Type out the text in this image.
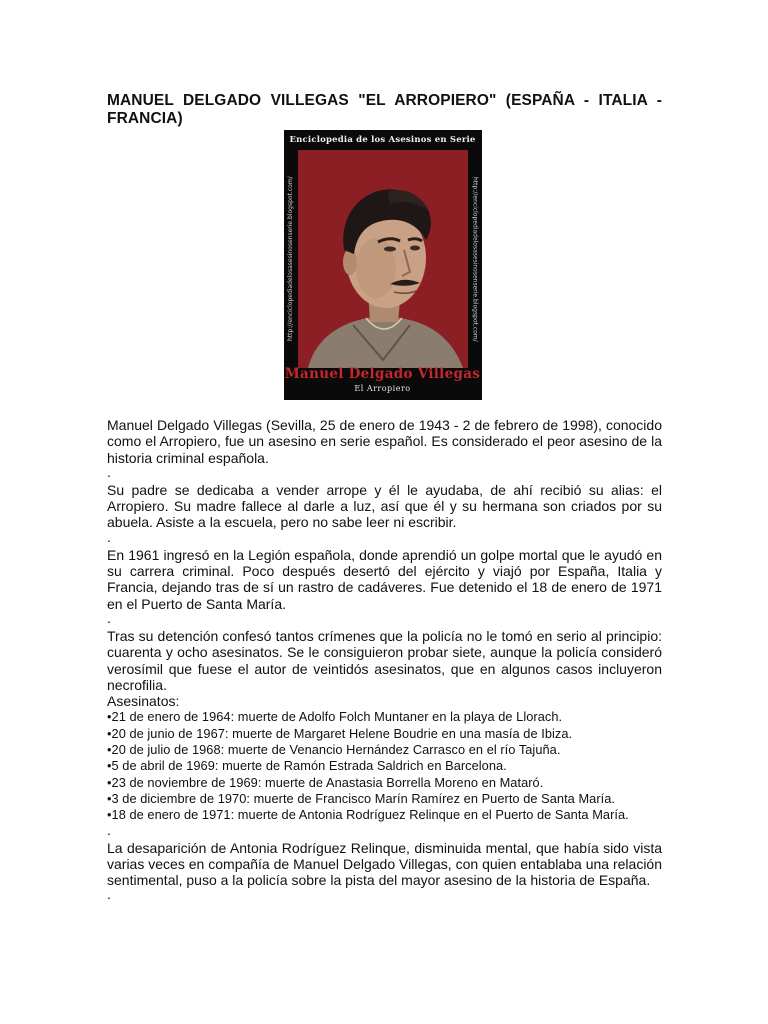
MANUEL DELGADO VILLEGAS "EL ARROPIERO" (ESPAÑA - ITALIA - FRANCIA)
Enciclopedia de los Asesinos en Serie
http://enciclopediadelosasesinosenserie.blogspot.com/	http://enciclopediadelosasesinosenserie.blogspot.com/
Manuel Delgado Villegas
El Arropiero

Manuel Delgado Villegas (Sevilla, 25 de enero de 1943 - 2 de febrero de 1998), conocido como el Arropiero, fue un asesino en serie español. Es considerado el peor asesino de la historia criminal española.

.

Su padre se dedicaba a vender arrope y él le ayudaba, de ahí recibió su alias: el Arropiero. Su madre fallece al darle a luz, así que él y su hermana son criados por su abuela. Asiste a la escuela, pero no sabe leer ni escribir.

.

En 1961 ingresó en la Legión española, donde aprendió un golpe mortal que le ayudó en su carrera criminal. Poco después desertó del ejército y viajó por España, Italia y Francia, dejando tras de sí un rastro de cadáveres. Fue detenido el 18 de enero de 1971 en el Puerto de Santa María.

.

Tras su detención confesó tantos crímenes que la policía no le tomó en serio al principio: cuarenta y ocho asesinatos. Se le consiguieron probar siete, aunque la policía consideró verosímil que fuese el autor de veintidós asesinatos, que en algunos casos incluyeron necrofilia.

Asesinatos:

•21 de enero de 1964: muerte de Adolfo Folch Muntaner en la playa de Llorach.
•20 de junio de 1967: muerte de Margaret Helene Boudrie en una masía de Ibiza.
•20 de julio de 1968: muerte de Venancio Hernández Carrasco en el río Tajuña.
•5 de abril de 1969: muerte de Ramón Estrada Saldrich en Barcelona.
•23 de noviembre de 1969: muerte de Anastasia Borrella Moreno en Mataró.
•3 de diciembre de 1970: muerte de Francisco Marín Ramírez en Puerto de Santa María.
•18 de enero de 1971: muerte de Antonia Rodríguez Relinque en el Puerto de Santa María.

.

La desaparición de Antonia Rodríguez Relinque, disminuida mental, que había sido vista varias veces en compañía de Manuel Delgado Villegas, con quien entablaba una relación sentimental, puso a la policía sobre la pista del mayor asesino de la historia de España.

.
